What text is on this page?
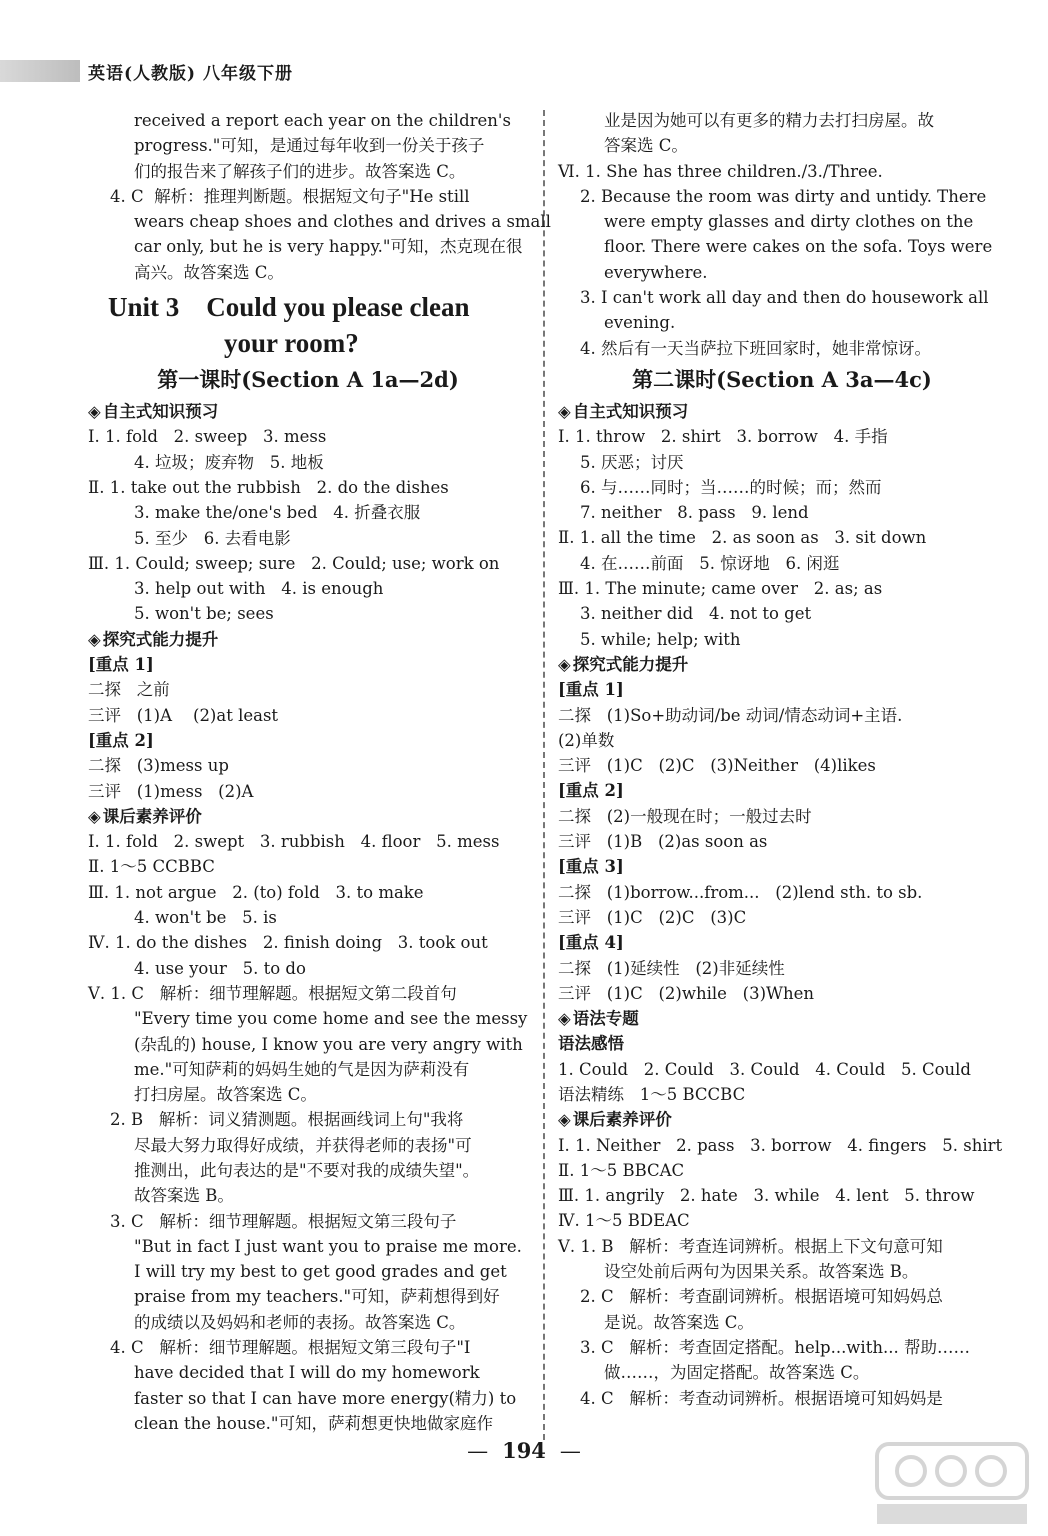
英语(人教版) 八年级下册
received a report each year on the children's
progress."可知，是通过每年收到一份关于孩子
们的报告来了解孩子们的进步。故答案选 C。
4. C  解析：推理判断题。根据短文句子"He still
wears cheap shoes and clothes and drives a small
car only, but he is very happy."可知，杰克现在很
高兴。故答案选 C。
Unit 3    Could you please clean
your room?
第一课时(Section A 1a—2d)
◈ 自主式知识预习
Ⅰ. 1. fold   2. sweep   3. mess
4. 垃圾；废弃物   5. 地板
Ⅱ. 1. take out the rubbish   2. do the dishes
3. make the/one's bed   4. 折叠衣服
5. 至少   6. 去看电影
Ⅲ. 1. Could; sweep; sure   2. Could; use; work on
3. help out with   4. is enough
5. won't be; sees
◈ 探究式能力提升
[重点 1]
二探   之前
三评   (1)A    (2)at least
[重点 2]
二探   (3)mess up
三评   (1)mess   (2)A
◈ 课后素养评价
Ⅰ. 1. fold   2. swept   3. rubbish   4. floor   5. mess
Ⅱ. 1～5 CCBBC
Ⅲ. 1. not argue   2. (to) fold   3. to make
4. won't be   5. is
Ⅳ. 1. do the dishes   2. finish doing   3. took out
4. use your   5. to do
Ⅴ. 1. C   解析：细节理解题。根据短文第二段首句
"Every time you come home and see the messy
(杂乱的) house, I know you are very angry with
me."可知萨莉的妈妈生她的气是因为萨莉没有
打扫房屋。故答案选 C。
2. B   解析：词义猜测题。根据画线词上句"我将
尽最大努力取得好成绩，并获得老师的表扬"可
推测出，此句表达的是"不要对我的成绩失望"。
故答案选 B。
3. C   解析：细节理解题。根据短文第三段句子
"But in fact I just want you to praise me more.
I will try my best to get good grades and get
praise from my teachers."可知，萨莉想得到好
的成绩以及妈妈和老师的表扬。故答案选 C。
4. C   解析：细节理解题。根据短文第三段句子"I
have decided that I will do my homework
faster so that I can have more energy(精力) to
clean the house."可知，萨莉想更快地做家庭作
业是因为她可以有更多的精力去打扫房屋。故
答案选 C。
Ⅵ. 1. She has three children./3./Three.
2. Because the room was dirty and untidy. There
were empty glasses and dirty clothes on the
floor. There were cakes on the sofa. Toys were
everywhere.
3. I can't work all day and then do housework all
evening.
4. 然后有一天当萨拉下班回家时，她非常惊讶。
第二课时(Section A 3a—4c)
◈ 自主式知识预习
Ⅰ. 1. throw   2. shirt   3. borrow   4. 手指
5. 厌恶；讨厌
6. 与……同时；当……的时候；而；然而
7. neither   8. pass   9. lend
Ⅱ. 1. all the time   2. as soon as   3. sit down
4. 在……前面   5. 惊讶地   6. 闲逛
Ⅲ. 1. The minute; came over   2. as; as
3. neither did   4. not to get
5. while; help; with
◈ 探究式能力提升
[重点 1]
二探   (1)So+助动词/be 动词/情态动词+主语.
(2)单数
三评   (1)C   (2)C   (3)Neither   (4)likes
[重点 2]
二探   (2)一般现在时；一般过去时
三评   (1)B   (2)as soon as
[重点 3]
二探   (1)borrow...from...   (2)lend sth. to sb.
三评   (1)C   (2)C   (3)C
[重点 4]
二探   (1)延续性   (2)非延续性
三评   (1)C   (2)while   (3)When
◈ 语法专题
语法感悟
1. Could   2. Could   3. Could   4. Could   5. Could
语法精练   1～5 BCCBC
◈ 课后素养评价
Ⅰ. 1. Neither   2. pass   3. borrow   4. fingers   5. shirt
Ⅱ. 1～5 BBCAC
Ⅲ. 1. angrily   2. hate   3. while   4. lent   5. throw
Ⅳ. 1～5 BDEAC
Ⅴ. 1. B   解析：考查连词辨析。根据上下文句意可知
设空处前后两句为因果关系。故答案选 B。
2. C   解析：考查副词辨析。根据语境可知妈妈总
是说。故答案选 C。
3. C   解析：考查固定搭配。help...with... 帮助……
做……，为固定搭配。故答案选 C。
4. C   解析：考查动词辨析。根据语境可知妈妈是
— 194 —
